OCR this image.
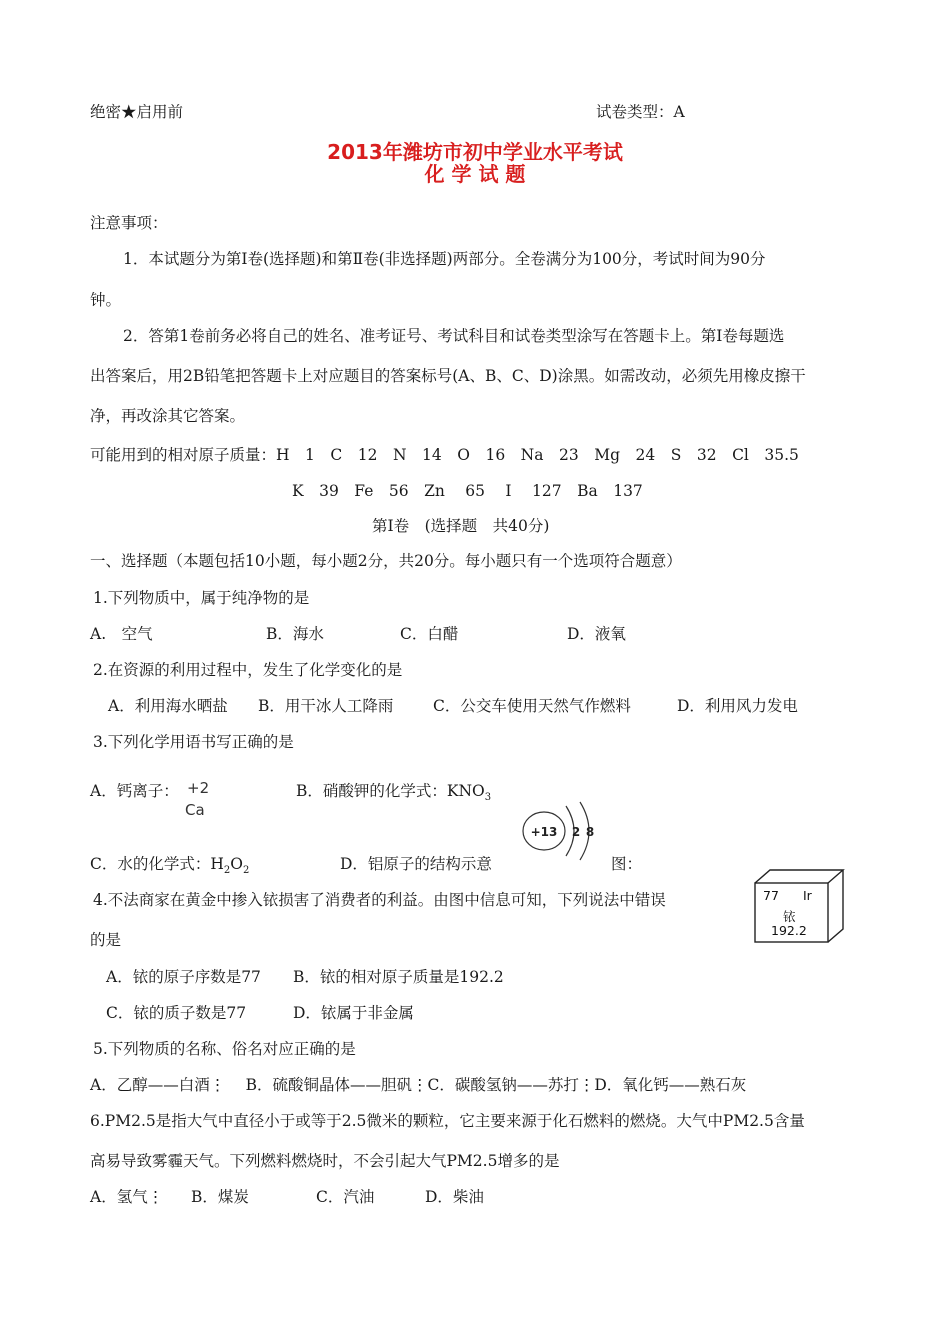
绝密★启用前	试卷类型：A
2013年潍坊市初中学业水平考试
化 学 试 题
注意事项：
1．本试题分为第Ⅰ卷(选择题)和第Ⅱ卷(非选择题)两部分。全卷满分为100分，考试时间为90分
钟。
2．答第1卷前务必将自己的姓名、准考证号、考试科目和试卷类型涂写在答题卡上。第Ⅰ卷每题选
出答案后，用2B铅笔把答题卡上对应题目的答案标号(A、B、C、D)涂黑。如需改动，必须先用橡皮擦干
净，再改涂其它答案。
可能用到的相对原子质量：H　1　C　12　N　14　O　16　Na　23　Mg　24　S　32　Cl　35.5
K　39　Fe　56　Zn　 65　 I　 127　Ba　137
第Ⅰ卷　(选择题　共40分)
一、选择题（本题包括10小题，每小题2分，共20分。每小题只有一个选项符合题意）
1.下列物质中，属于纯净物的是
A.　空气	B．海水	C．白醋	D．液氧
2.在资源的利用过程中，发生了化学变化的是
A．利用海水晒盐 B．用干冰人工降雨	C．公交车使用天然气作燃料	D．利用风力发电
3.下列化学用语书写正确的是
A．钙离子： +2
Ca
B．硝酸钾的化学式：$KNO_3$
C．水的化学式：$H_2O_2$	D．铝原子的结构示意
+13 2 8
图：
4.不法商家在黄金中掺入铱损害了消费者的利益。由图中信息可知，下列说法中错误
的是
77 Ir
铱
192.2
A．铱的原子序数是77 B．铱的相对原子质量是192.2
C．铱的质子数是77	D．铱属于非金属
5.下列物质的名称、俗名对应正确的是
A．乙醇——白酒⋮　 B．硫酸铜晶体——胆矾⋮C．碳酸氢钠——苏打⋮D．氧化钙——熟石灰
6.PM2.5是指大气中直径小于或等于2.5微米的颗粒，它主要来源于化石燃料的燃烧。大气中PM2.5含量
高易导致雾霾天气。下列燃料燃烧时，不会引起大气PM2.5增多的是
A．氢气⋮ B．煤炭	C．汽油	D．柴油
